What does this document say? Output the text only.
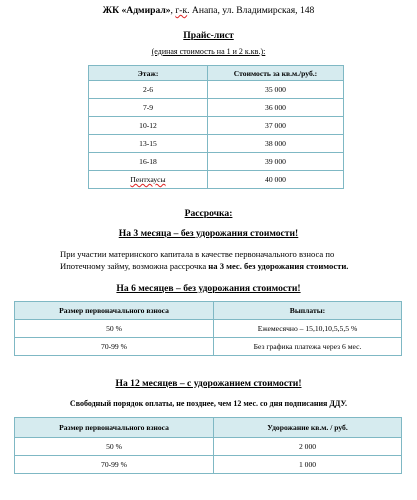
ЖК «Адмирал», г-к. Анапа, ул. Владимирская, 148
Прайс-лист
(единая стоимость на 1 и 2 к.кв.):
Этаж:	Стоимость за кв.м./руб.:
2-6	35 000
7-9	36 000
10-12	37 000
13-15	38 000
16-18	39 000
Пентхаусы	40 000
Рассрочка:
На 3 месяца – без удорожания стоимости!
При участии материнского капитала в качестве первоначального взноса по Ипотечному займу, возможна рассрочка на 3 мес. без удорожания стоимости.
На 6 месяцев – без удорожания стоимости!
Размер первоначального взноса	Выплаты:
50 %	Ежемесячно – 15,10,10,5,5,5 %
70-99 %	Без графика платежа через 6 мес.
На 12 месяцев – с удорожанием стоимости!
Свободный порядок оплаты, не позднее, чем 12 мес. со дня подписания ДДУ.
Размер первоначального взноса	Удорожание кв.м. / руб.
50 %	2 000
70-99 %	1 000
